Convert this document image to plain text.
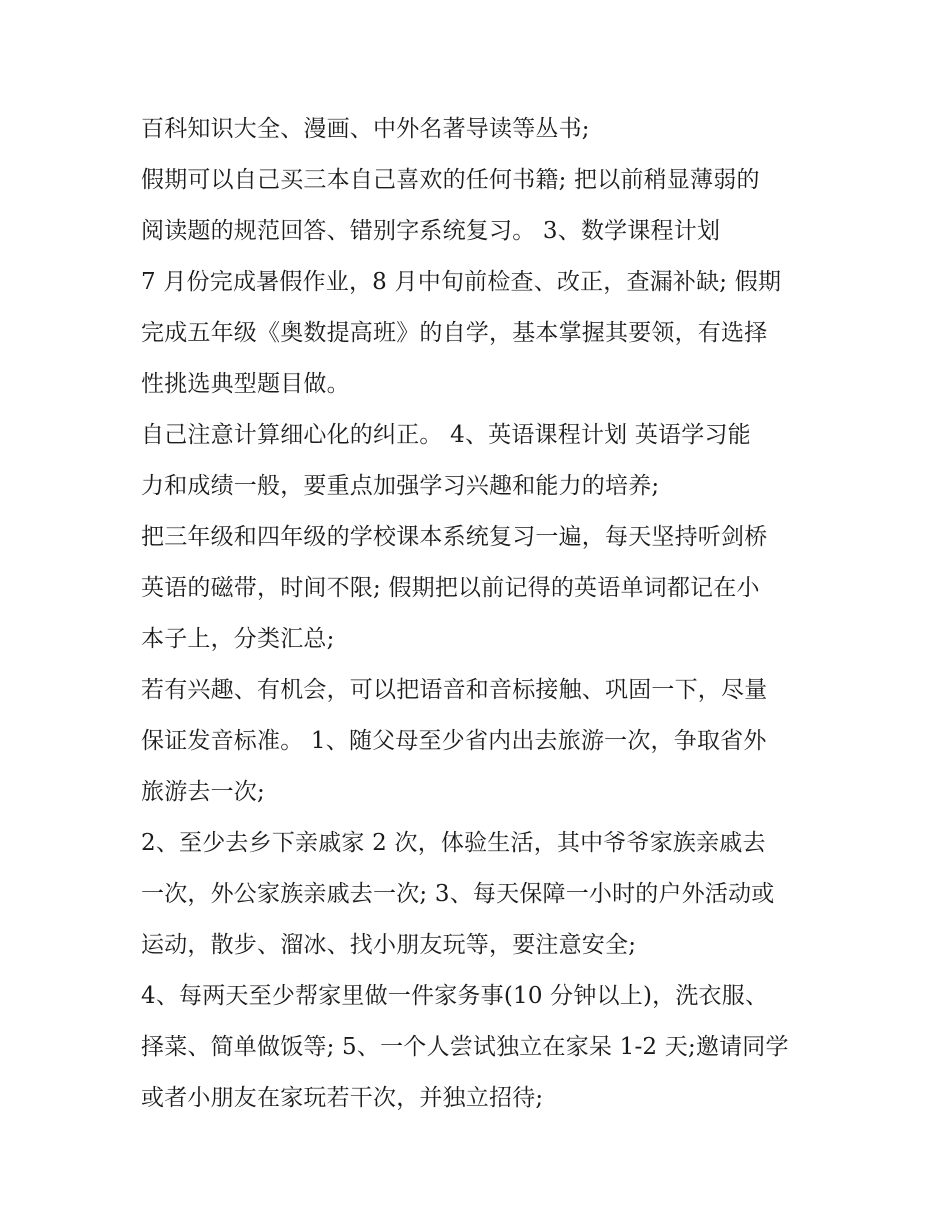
百科知识大全、漫画、中外名著导读等丛书;
假期可以自己买三本自己喜欢的任何书籍; 把以前稍显薄弱的
阅读题的规范回答、错别字系统复习。 3、数学课程计划
7 月份完成暑假作业，8 月中旬前检查、改正，查漏补缺; 假期
完成五年级《奥数提高班》的自学，基本掌握其要领，有选择
性挑选典型题目做。
自己注意计算细心化的纠正。 4、英语课程计划 英语学习能
力和成绩一般，要重点加强学习兴趣和能力的培养;
把三年级和四年级的学校课本系统复习一遍，每天坚持听剑桥
英语的磁带，时间不限; 假期把以前记得的英语单词都记在小
本子上，分类汇总;
若有兴趣、有机会，可以把语音和音标接触、巩固一下，尽量
保证发音标准。 1、随父母至少省内出去旅游一次，争取省外
旅游去一次;
2、至少去乡下亲戚家 2 次，体验生活，其中爷爷家族亲戚去
一次，外公家族亲戚去一次; 3、每天保障一小时的户外活动或
运动，散步、溜冰、找小朋友玩等，要注意安全;
4、每两天至少帮家里做一件家务事(10 分钟以上)，洗衣服、
择菜、简单做饭等; 5、一个人尝试独立在家呆 1-2 天;邀请同学
或者小朋友在家玩若干次，并独立招待;
